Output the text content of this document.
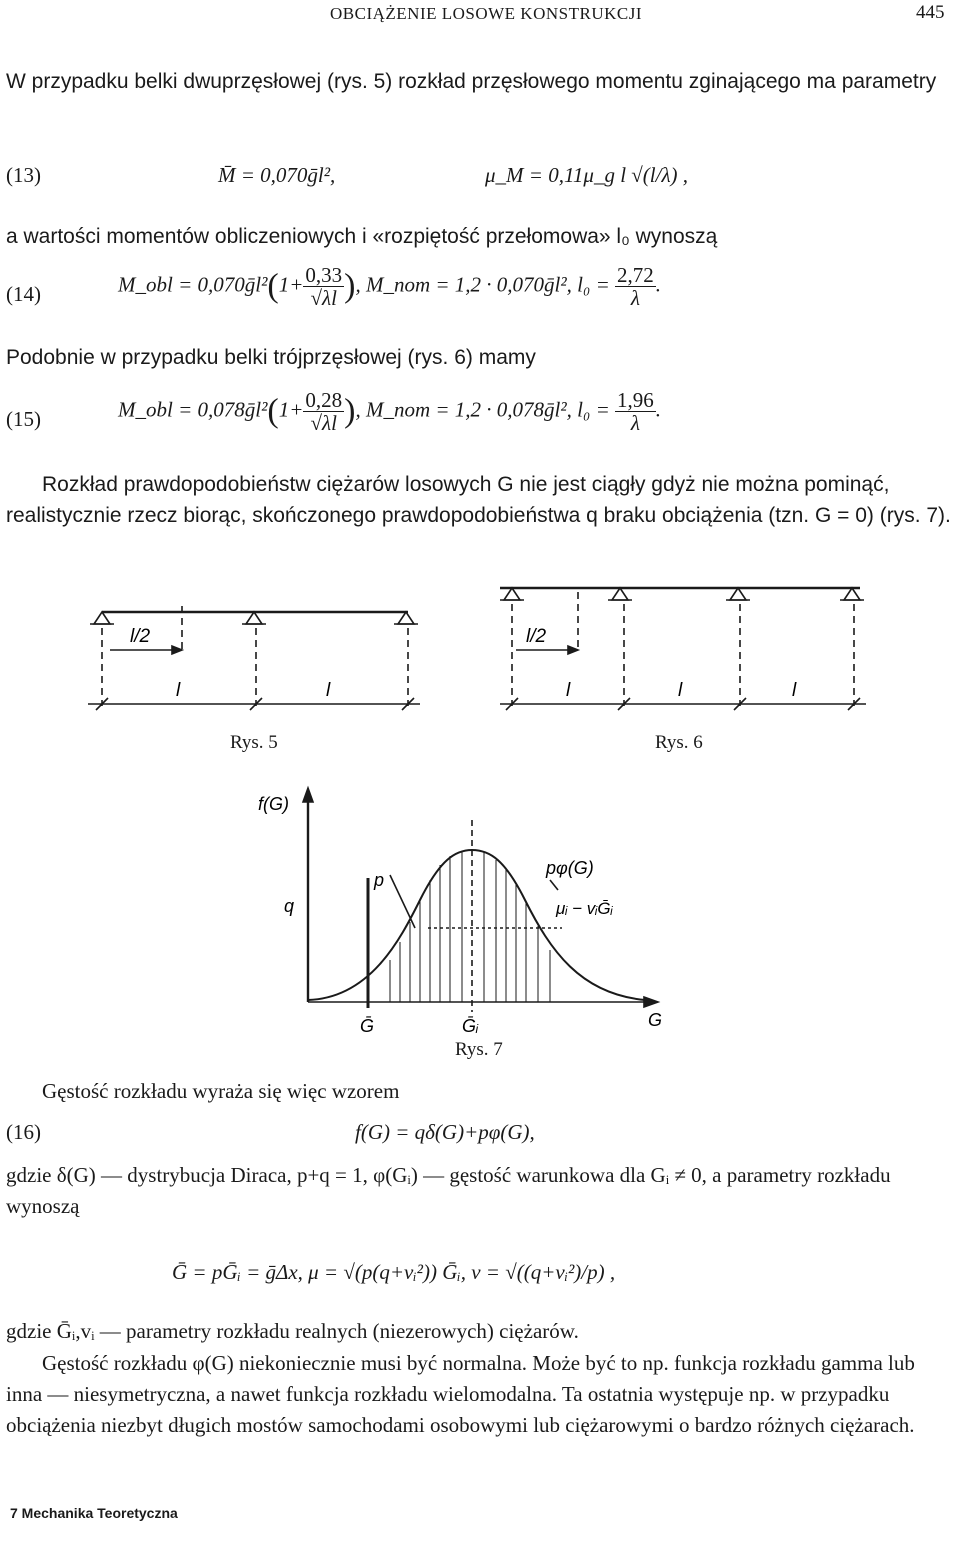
OBCIĄŻENIE LOSOWE KONSTRUKCJI	445
W przypadku belki dwuprzęsłowej (rys. 5) rozkład przęsłowego momentu zginającego ma parametry
(13)	M̄ = 0,070ḡl²,	μ_M = 0,11μ_g l √(l/λ) ,
a wartości momentów obliczeniowych i «rozpiętość przełomowa» l₀ wynoszą
(14)	M_obl = 0,070ḡl²(1+ $\frac{0,33}{√\lambda l}$ ), M_nom = 1,2 · 0,070ḡl², $l_0 = \frac{2,72}{\lambda}$ .
Podobnie w przypadku belki trójprzęsłowej (rys. 6) mamy
(15)	M_obl = 0,078ḡl²(1+ $\frac{0,28}{√\lambda l}$ ), M_nom = 1,2 · 0,078ḡl², $l_0 = \frac{1,96}{\lambda}$ .
Rozkład prawdopodobieństw ciężarów losowych G nie jest ciągły gdyż nie można pominąć, realistycznie rzecz biorąc, skończonego prawdopodobieństwa q braku obciążenia (tzn. G = 0) (rys. 7).
l/2
l	l
l/2
l	l	l
Rys. 5	Rys. 6
f(G)
q
p
pφ(G)
μᵢ − vᵢḠᵢ
Ḡ	Ḡᵢ	G
Rys. 7
Gęstość rozkładu wyraża się więc wzorem
(16)	f(G) = qδ(G)+pφ(G),
gdzie δ(G) — dystrybucja Diraca, p+q = 1, φ(Gᵢ) — gęstość warunkowa dla Gᵢ ≠ 0, a parametry rozkładu wynoszą
Ḡ = pḠᵢ = ḡΔx, μ = √(p(q+vᵢ²)) Ḡᵢ, v = √((q+vᵢ²)/p) ,
gdzie Ḡᵢ,vᵢ — parametry rozkładu realnych (niezerowych) ciężarów.
Gęstość rozkładu φ(G) niekoniecznie musi być normalna. Może być to np. funkcja rozkładu gamma lub inna — niesymetryczna, a nawet funkcja rozkładu wielomodalna. Ta ostatnia występuje np. w przypadku obciążenia niezbyt długich mostów samochodami osobowymi lub ciężarowymi o bardzo różnych ciężarach.
7 Mechanika Teoretyczna
